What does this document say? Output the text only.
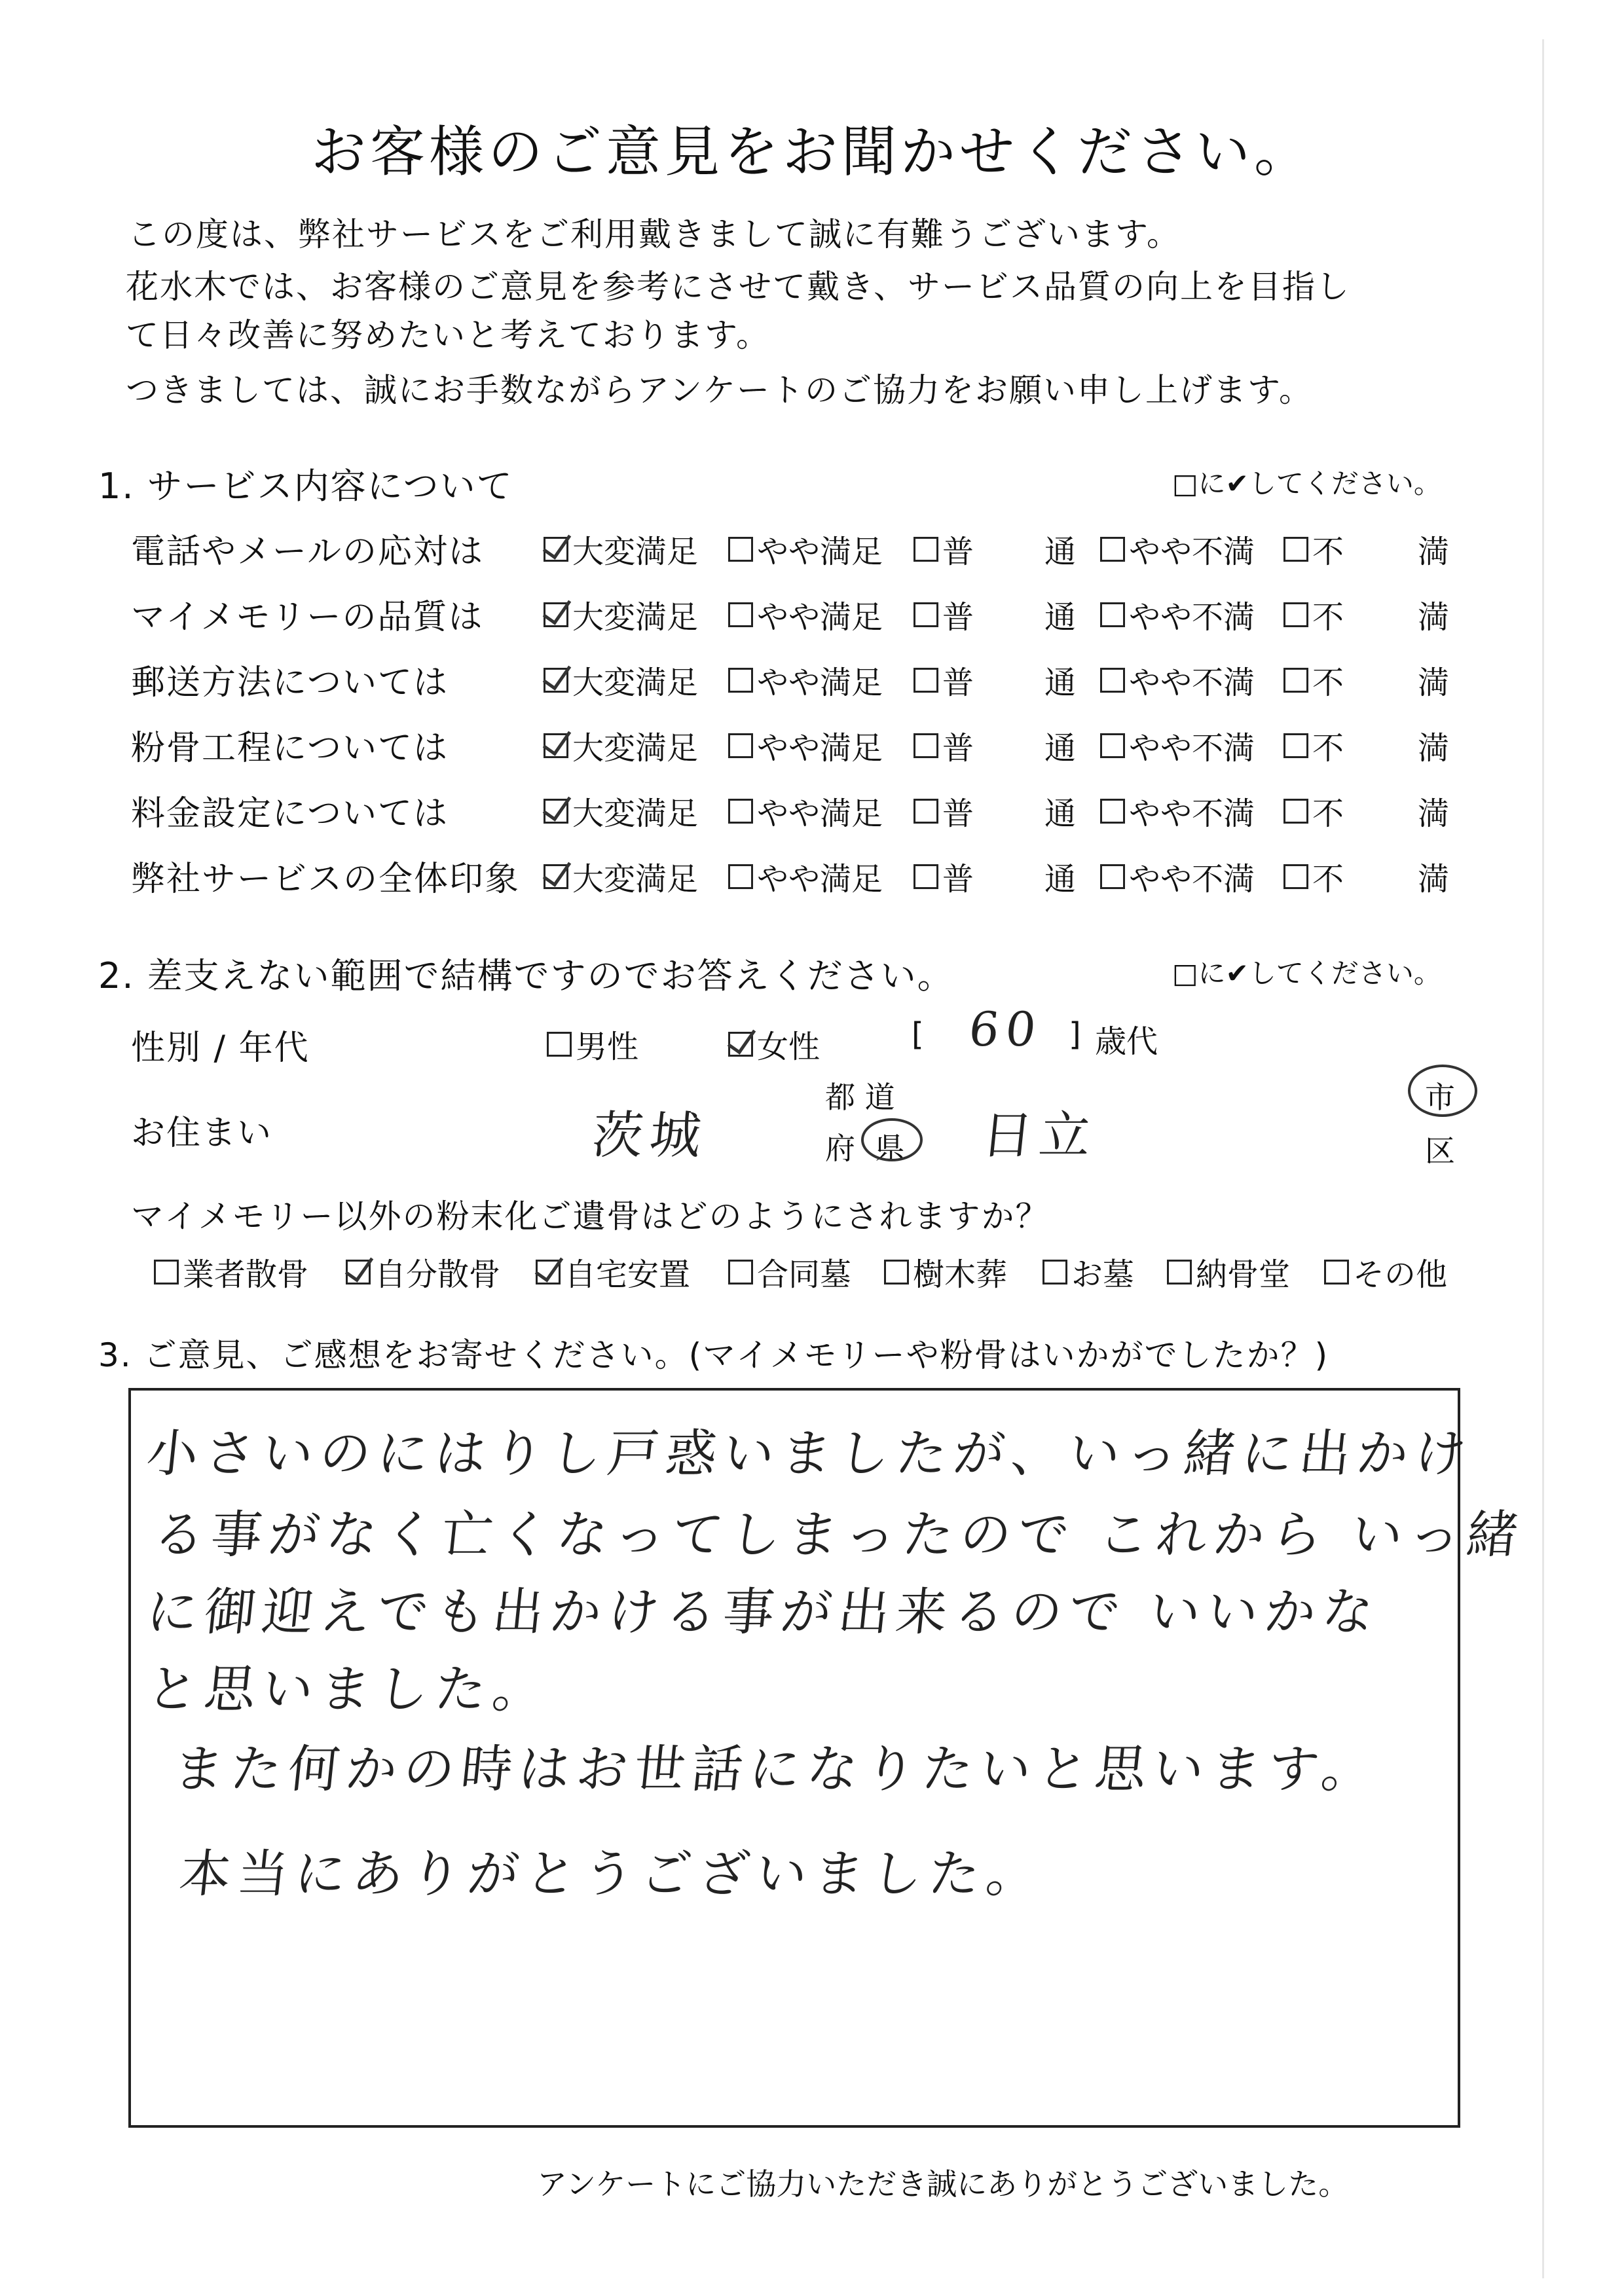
お客様のご意見をお聞かせください。
この度は、弊社サービスをご利用戴きまして誠に有難うございます。
花水木では、お客様のご意見を参考にさせて戴き、サービス品質の向上を目指し
て日々改善に努めたいと考えております。
つきましては、誠にお手数ながらアンケートのご協力をお願い申し上げます。
1. サービス内容について	□に✔してください。
電話やメールの応対は	大変満足 やや満足 普 通 やや不満 不 満
マイメモリーの品質は	大変満足 やや満足 普 通 やや不満 不 満
郵送方法については	大変満足 やや満足 普 通 やや不満 不 満
粉骨工程については	大変満足 やや満足 普 通 やや不満 不 満
料金設定については	大変満足 やや満足 普 通 やや不満 不 満
弊社サービスの全体印象 大変満足 やや満足 普 通 やや不満 不 満
2. 差支えない範囲で結構ですのでお答えください。	□に✔してください。
性別 / 年代	男性	女性	[ 60 ] 歳代
お住まい	茨城
都 道
府 県 日立
市
区
マイメモリー以外の粉末化ご遺骨はどのようにされますか？
業者散骨 自分散骨 自宅安置 合同墓 樹木葬 お墓 納骨堂 その他
3. ご意見、ご感想をお寄せください。(マイメモリーや粉骨はいかがでしたか？)
小さいのにはりし戸惑いましたが、いっ緒に出かけ
る事がなく亡くなってしまったので これから いっ緒
に御迎えでも出かける事が出来るので いいかな
と思いました。
また何かの時はお世話になりたいと思います。
本当にありがとうございました。
アンケートにご協力いただき誠にありがとうございました。
